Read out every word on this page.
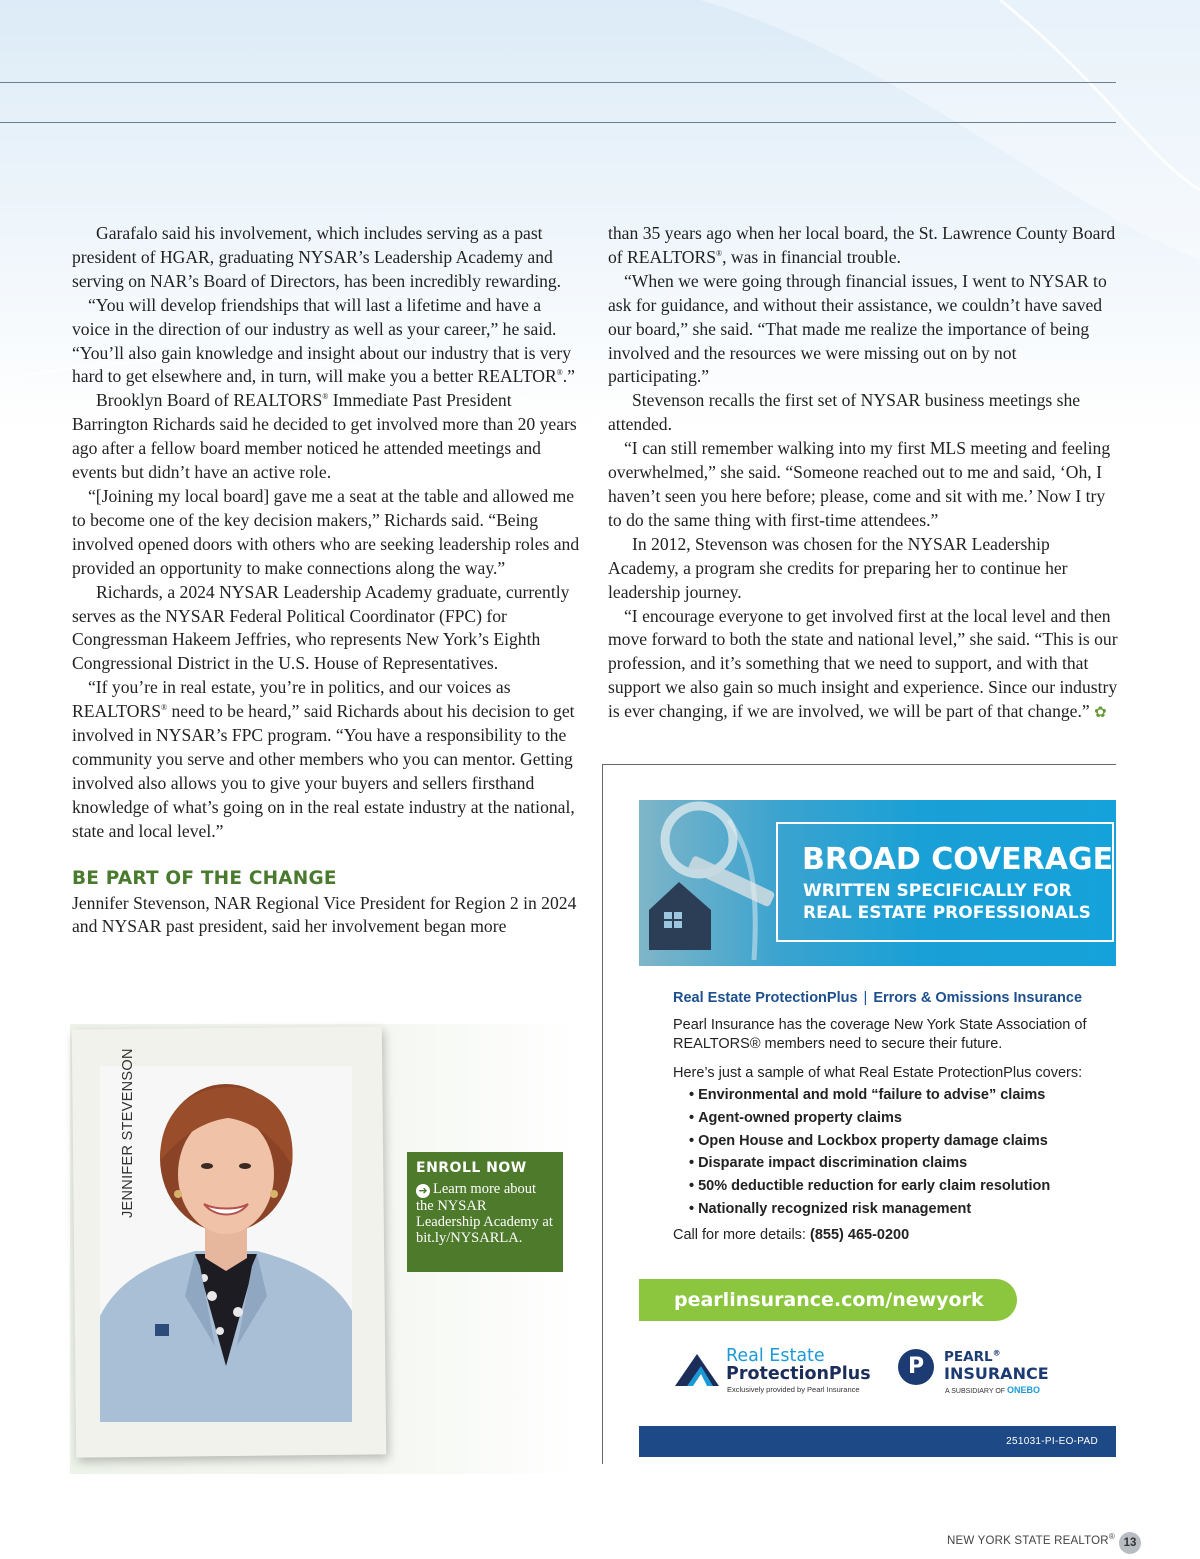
Garafalo said his involvement, which includes serving as a past president of HGAR, graduating NYSAR’s Leadership Academy and serving on NAR’s Board of Directors, has been incredibly rewarding.

“You will develop friendships that will last a lifetime and have a voice in the direction of our industry as well as your career,” he said. “You’ll also gain knowledge and insight about our industry that is very hard to get elsewhere and, in turn, will make you a better REALTOR®.”

Brooklyn Board of REALTORS® Immediate Past President Barrington Richards said he decided to get involved more than 20 years ago after a fellow board member noticed he attended meetings and events but didn’t have an active role.

“[Joining my local board] gave me a seat at the table and allowed me to become one of the key decision makers,” Richards said. “Being involved opened doors with others who are seeking leadership roles and provided an opportunity to make connections along the way.”

Richards, a 2024 NYSAR Leadership Academy graduate, currently serves as the NYSAR Federal Political Coordinator (FPC) for Congressman Hakeem Jeffries, who represents New York’s Eighth Congressional District in the U.S. House of Representatives.

“If you’re in real estate, you’re in politics, and our voices as REALTORS® need to be heard,” said Richards about his decision to get involved in NYSAR’s FPC program. “You have a responsibility to the community you serve and other members who you can mentor. Getting involved also allows you to give your buyers and sellers firsthand knowledge of what’s going on in the real estate industry at the national, state and local level.”

BE PART OF THE CHANGE

Jennifer Stevenson, NAR Regional Vice President for Region 2 in 2024 and NYSAR past president, said her involvement began more

than 35 years ago when her local board, the St. Lawrence County Board of REALTORS®, was in financial trouble.

“When we were going through financial issues, I went to NYSAR to ask for guidance, and without their assistance, we couldn’t have saved our board,” she said. “That made me realize the importance of being involved and the resources we were missing out on by not participating.”

Stevenson recalls the first set of NYSAR business meetings she attended.

“I can still remember walking into my first MLS meeting and feeling overwhelmed,” she said. “Someone reached out to me and said, ‘Oh, I haven’t seen you here before; please, come and sit with me.’ Now I try to do the same thing with first-time attendees.”

In 2012, Stevenson was chosen for the NYSAR Leadership Academy, a program she credits for preparing her to continue her leadership journey.

“I encourage everyone to get involved first at the local level and then move forward to both the state and national level,” she said. “This is our profession, and it’s something that we need to support, and with that support we also gain so much insight and experience. Since our industry is ever changing, if we are involved, we will be part of that change.” ✿

JENNIFER STEVENSON	ENROLL NOW
➜ Learn more about the NYSAR Leadership Academy at bit.ly/NYSARLA.
BROAD COVERAGE
WRITTEN SPECIFICALLY FOR
REAL ESTATE PROFESSIONALS
Real Estate ProtectionPlus | Errors & Omissions Insurance
Pearl Insurance has the coverage New York State Association of REALTORS® members need to secure their future.
Here’s just a sample of what Real Estate ProtectionPlus covers:
• Environmental and mold “failure to advise” claims
• Agent-owned property claims
• Open House and Lockbox property damage claims
• Disparate impact discrimination claims
• 50% deductible reduction for early claim resolution
• Nationally recognized risk management
Call for more details: (855) 465-0200
pearlinsurance.com/newyork
Real Estate
ProtectionPlus
Exclusively provided by Pearl Insurance
P	PEARL®
INSURANCE
A SUBSIDIARY OF ONEBO
251031-PI-EO-PAD
NEW YORK STATE REALTOR®
13
